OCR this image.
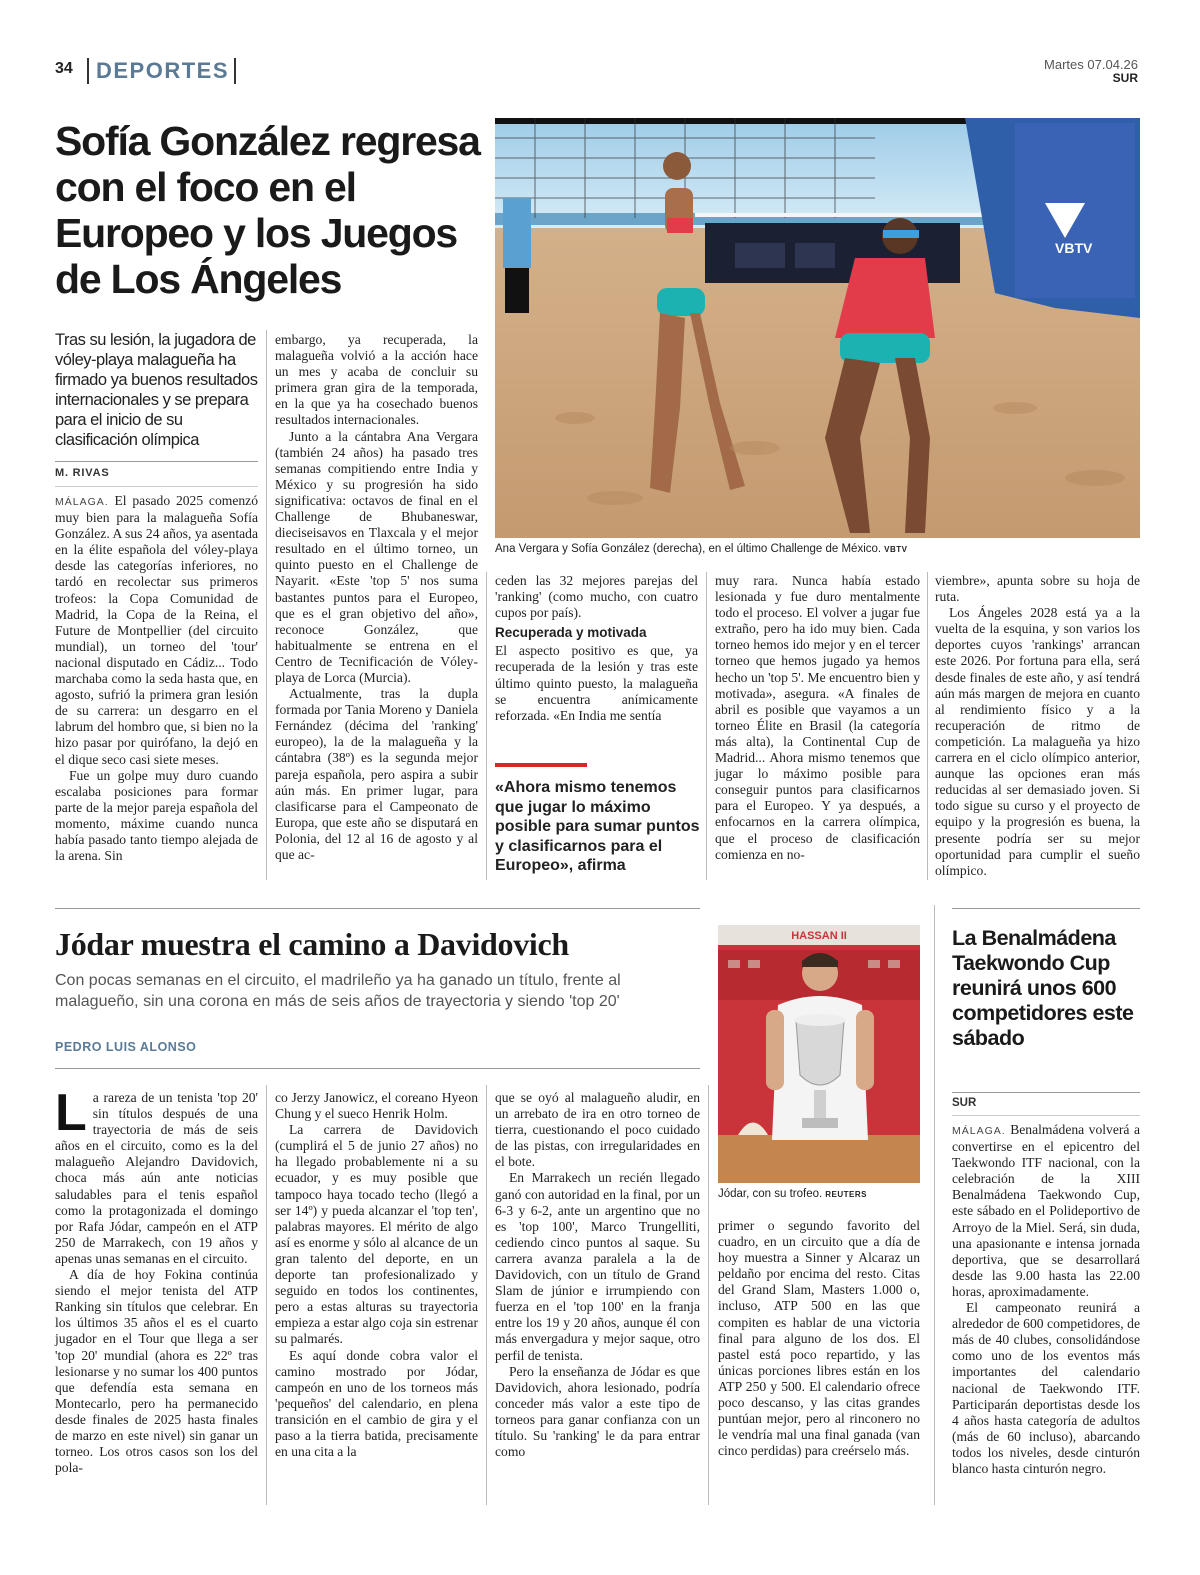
34 DEPORTES	Martes 07.04.26
SUR
Sofía González regresa con el foco en el Europeo y los Juegos de Los Ángeles
Tras su lesión, la jugadora de vóley-playa malagueña ha firmado ya buenos resultados internacionales y se prepara para el inicio de su clasificación olímpica
M. RIVAS
VBTV
Ana Vergara y Sofía González (derecha), en el último Challenge de México. VBTV

MÁLAGA. El pasado 2025 comenzó muy bien para la malagueña Sofía González. A sus 24 años, ya asentada en la élite española del vóley-playa desde las categorías inferiores, no tardó en recolectar sus primeros trofeos: la Copa Comunidad de Madrid, la Copa de la Reina, el Future de Montpellier (del circuito mundial), un torneo del 'tour' nacional disputado en Cádiz... Todo marchaba como la seda hasta que, en agosto, sufrió la primera gran lesión de su carrera: un desgarro en el labrum del hombro que, si bien no la hizo pasar por quirófano, la dejó en el dique seco casi siete meses.

Fue un golpe muy duro cuando escalaba posiciones para formar parte de la mejor pareja española del momento, máxime cuando nunca había pasado tanto tiempo alejada de la arena. Sin

embargo, ya recuperada, la malagueña volvió a la acción hace un mes y acaba de concluir su primera gran gira de la temporada, en la que ya ha cosechado buenos resultados internacionales.

Junto a la cántabra Ana Vergara (también 24 años) ha pasado tres semanas compitiendo entre India y México y su progresión ha sido significativa: octavos de final en el Challenge de Bhubaneswar, dieciseisavos en Tlaxcala y el mejor resultado en el último torneo, un quinto puesto en el Challenge de Nayarit. «Este 'top 5' nos suma bastantes puntos para el Europeo, que es el gran objetivo del año», reconoce González, que habitualmente se entrena en el Centro de Tecnificación de Vóley-playa de Lorca (Murcia).

Actualmente, tras la dupla formada por Tania Moreno y Daniela Fernández (décima del 'ranking' europeo), la de la malagueña y la cántabra (38º) es la segunda mejor pareja española, pero aspira a subir aún más. En primer lugar, para clasificarse para el Campeonato de Europa, que este año se disputará en Polonia, del 12 al 16 de agosto y al que ac-

ceden las 32 mejores parejas del 'ranking' (como mucho, con cuatro cupos por país).

Recuperada y motivada

El aspecto positivo es que, ya recuperada de la lesión y tras este último quinto puesto, la malagueña se encuentra anímicamente reforzada. «En India me sentía

«Ahora mismo tenemos que jugar lo máximo posible para sumar puntos y clasificarnos para el Europeo», afirma

muy rara. Nunca había estado lesionada y fue duro mentalmente todo el proceso. El volver a jugar fue extraño, pero ha ido muy bien. Cada torneo hemos ido mejor y en el tercer torneo que hemos jugado ya hemos hecho un 'top 5'. Me encuentro bien y motivada», asegura. «A finales de abril es posible que vayamos a un torneo Élite en Brasil (la categoría más alta), la Continental Cup de Madrid... Ahora mismo tenemos que jugar lo máximo posible para conseguir puntos para clasificarnos para el Europeo. Y ya después, a enfocarnos en la carrera olímpica, que el proceso de clasificación comienza en no-

viembre», apunta sobre su hoja de ruta.

Los Ángeles 2028 está ya a la vuelta de la esquina, y son varios los deportes cuyos 'rankings' arrancan este 2026. Por fortuna para ella, será desde finales de este año, y así tendrá aún más margen de mejora en cuanto al rendimiento físico y a la recuperación de ritmo de competición. La malagueña ya hizo carrera en el ciclo olímpico anterior, aunque las opciones eran más reducidas al ser demasiado joven. Si todo sigue su curso y el proyecto de equipo y la progresión es buena, la presente podría ser su mejor oportunidad para cumplir el sueño olímpico.

Jódar muestra el camino a Davidovich
Con pocas semanas en el circuito, el madrileño ya ha ganado un título, frente al malagueño, sin una corona en más de seis años de trayectoria y siendo 'top 20'
PEDRO LUIS ALONSO

La rareza de un tenista 'top 20' sin títulos después de una trayectoria de más de seis años en el circuito, como es la del malagueño Alejandro Davidovich, choca más aún ante noticias saludables para el tenis español como la protagonizada el domingo por Rafa Jódar, campeón en el ATP 250 de Marrakech, con 19 años y apenas unas semanas en el circuito.

A día de hoy Fokina continúa siendo el mejor tenista del ATP Ranking sin títulos que celebrar. En los últimos 35 años el es el cuarto jugador en el Tour que llega a ser 'top 20' mundial (ahora es 22º tras lesionarse y no sumar los 400 puntos que defendía esta semana en Montecarlo, pero ha permanecido desde finales de 2025 hasta finales de marzo en este nivel) sin ganar un torneo. Los otros casos son los del pola-

co Jerzy Janowicz, el coreano Hyeon Chung y el sueco Henrik Holm.

La carrera de Davidovich (cumplirá el 5 de junio 27 años) no ha llegado probablemente ni a su ecuador, y es muy posible que tampoco haya tocado techo (llegó a ser 14º) y pueda alcanzar el 'top ten', palabras mayores. El mérito de algo así es enorme y sólo al alcance de un gran talento del deporte, en un deporte tan profesionalizado y seguido en todos los continentes, pero a estas alturas su trayectoria empieza a estar algo coja sin estrenar su palmarés.

Es aquí donde cobra valor el camino mostrado por Jódar, campeón en uno de los torneos más 'pequeños' del calendario, en plena transición en el cambio de gira y el paso a la tierra batida, precisamente en una cita a la

que se oyó al malagueño aludir, en un arrebato de ira en otro torneo de tierra, cuestionando el poco cuidado de las pistas, con irregularidades en el bote.

En Marrakech un recién llegado ganó con autoridad en la final, por un 6-3 y 6-2, ante un argentino que no es 'top 100', Marco Trungelliti, cediendo cinco puntos al saque. Su carrera avanza paralela a la de Davidovich, con un título de Grand Slam de júnior e irrumpiendo con fuerza en el 'top 100' en la franja entre los 19 y 20 años, aunque él con más envergadura y mejor saque, otro perfil de tenista.

Pero la enseñanza de Jódar es que Davidovich, ahora lesionado, podría conceder más valor a este tipo de torneos para ganar confianza con un título. Su 'ranking' le da para entrar como

HASSAN II
Jódar, con su trofeo. REUTERS

primer o segundo favorito del cuadro, en un circuito que a día de hoy muestra a Sinner y Alcaraz un peldaño por encima del resto. Citas del Grand Slam, Masters 1.000 o, incluso, ATP 500 en las que compiten es hablar de una victoria final para alguno de los dos. El pastel está poco repartido, y las únicas porciones libres están en los ATP 250 y 500. El calendario ofrece poco descanso, y las citas grandes puntúan mejor, pero al rinconero no le vendría mal una final ganada (van cinco perdidas) para creérselo más.

La Benalmádena Taekwondo Cup reunirá unos 600 competidores este sábado
SUR

MÁLAGA. Benalmádena volverá a convertirse en el epicentro del Taekwondo ITF nacional, con la celebración de la XIII Benalmádena Taekwondo Cup, este sábado en el Polideportivo de Arroyo de la Miel. Será, sin duda, una apasionante e intensa jornada deportiva, que se desarrollará desde las 9.00 hasta las 22.00 horas, aproximadamente.

El campeonato reunirá a alrededor de 600 competidores, de más de 40 clubes, consolidándose como uno de los eventos más importantes del calendario nacional de Taekwondo ITF. Participarán deportistas desde los 4 años hasta categoría de adultos (más de 60 incluso), abarcando todos los niveles, desde cinturón blanco hasta cinturón negro.
